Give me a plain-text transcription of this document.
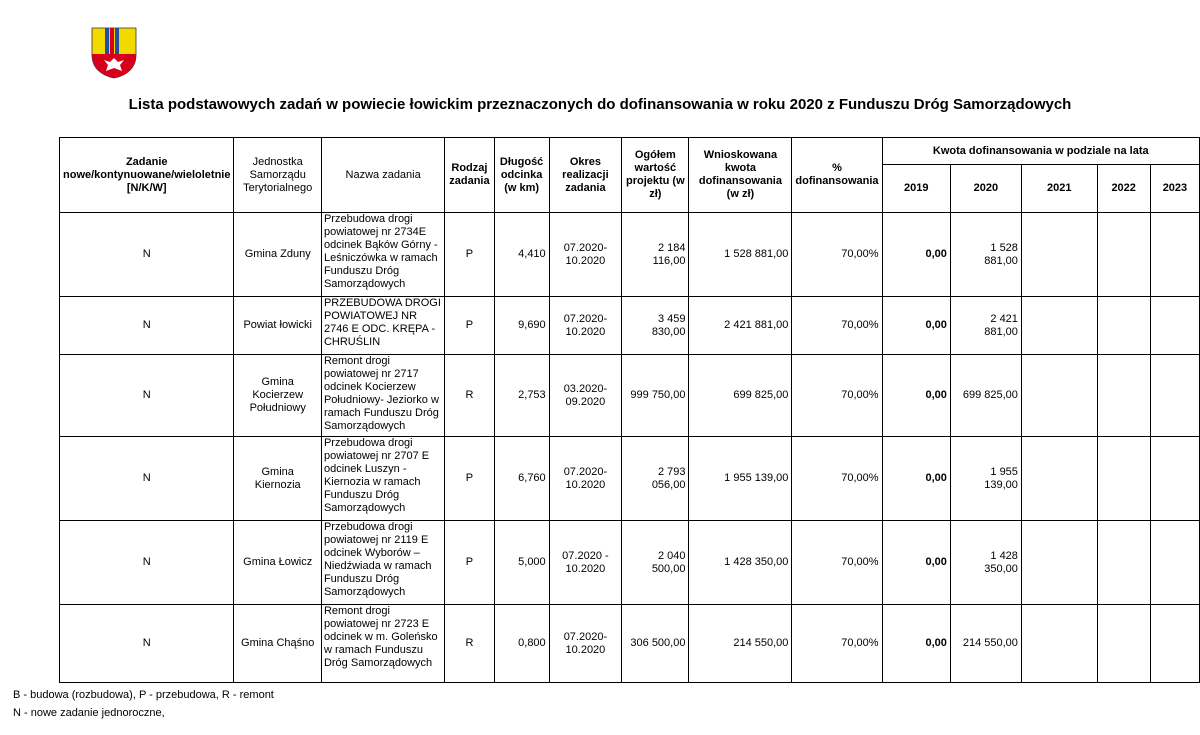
Lista podstawowych zadań w powiecie łowickim przeznaczonych do dofinansowania w roku 2020 z Funduszu Dróg Samorządowych
Zadanie nowe/kontynuowane/wieloletnie [N/K/W]	Jednostka Samorządu Terytorialnego	Nazwa zadania	Rodzaj zadania	Długość odcinka (w km)	Okres realizacji zadania	Ogółem wartość projektu (w zł)	Wnioskowana kwota dofinansowania (w zł)	% dofinansowania	Kwota dofinansowania w podziale na lata				
									2019	2020	2021	2022	2023
N	Gmina Zduny	Przebudowa drogi powiatowej nr 2734E odcinek Bąków Górny - Leśniczówka w ramach Funduszu Dróg Samorządowych	P	4,410	07.2020-10.2020	2 184 116,00	1 528 881,00	70,00%	0,00	1 528 881,00			
N	Powiat łowicki	PRZEBUDOWA DROGI POWIATOWEJ NR 2746 E ODC. KRĘPA - CHRUŚLIN	P	9,690	07.2020-10.2020	3 459 830,00	2 421 881,00	70,00%	0,00	2 421 881,00			
N	Gmina Kocierzew Południowy	Remont drogi powiatowej nr 2717 odcinek Kocierzew Południowy- Jeziorko w ramach Funduszu Dróg Samorządowych	R	2,753	03.2020-09.2020	999 750,00	699 825,00	70,00%	0,00	699 825,00			
N	Gmina Kiernozia	Przebudowa drogi powiatowej nr 2707 E odcinek Luszyn - Kiernozia w ramach Funduszu Dróg Samorządowych	P	6,760	07.2020-10.2020	2 793 056,00	1 955 139,00	70,00%	0,00	1 955 139,00			
N	Gmina Łowicz	Przebudowa drogi powiatowej nr 2119 E odcinek Wyborów – Niedźwiada w ramach Funduszu Dróg Samorządowych	P	5,000	07.2020 - 10.2020	2 040 500,00	1 428 350,00	70,00%	0,00	1 428 350,00			
N	Gmina Chąśno	Remont drogi powiatowej nr 2723 E odcinek w m. Goleńsko w ramach Funduszu Dróg Samorządowych	R	0,800	07.2020-10.2020	306 500,00	214 550,00	70,00%	0,00	214 550,00			
B - budowa (rozbudowa), P - przebudowa, R - remont
N - nowe zadanie jednoroczne,
